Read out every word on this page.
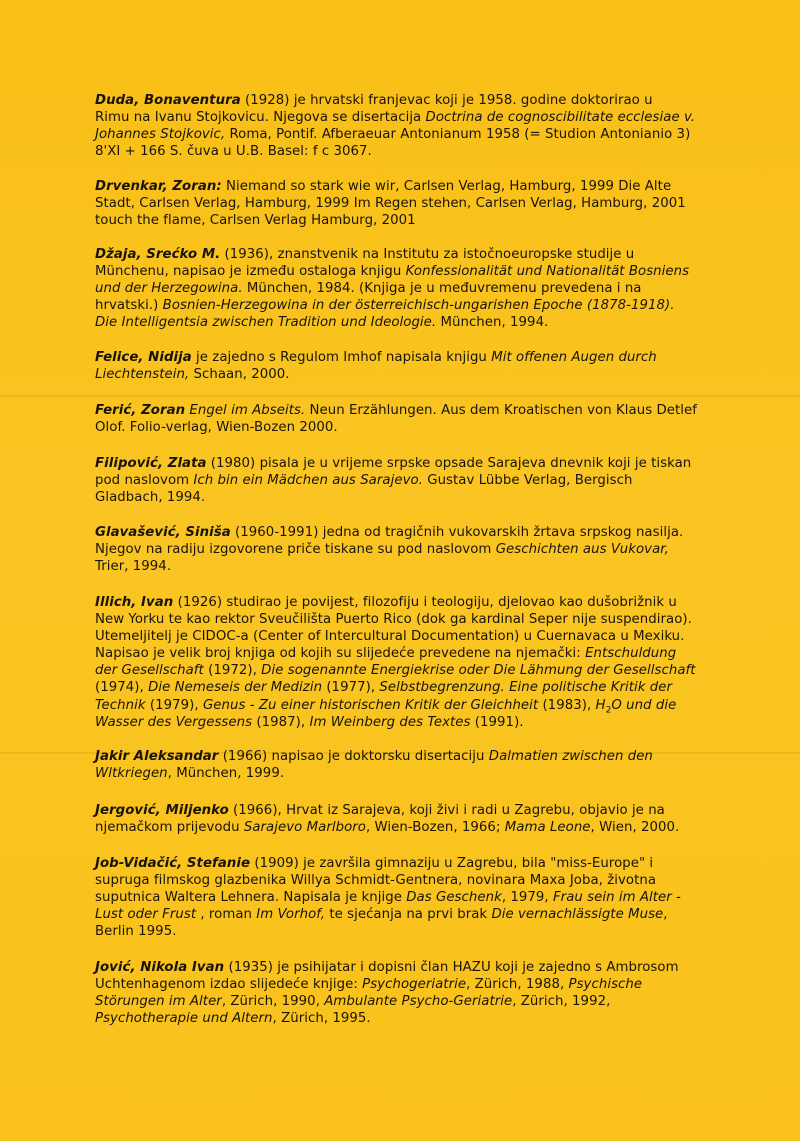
Duda, Bonaventura (1928) je hrvatski franjevac koji je 1958. godine doktorirao u

Rimu na Ivanu Stojkovicu. Njegova se disertacija Doctrina de cognoscibilitate ecclesiae v.

Johannes Stojkovic, Roma, Pontif. Afberaeuar Antonianum 1958 (= Studion Antonianio 3)

8'XI + 166 S. čuva u U.B. Basel: f c 3067.

Drvenkar, Zoran: Niemand so stark wie wir, Carlsen Verlag, Hamburg, 1999 Die Alte

Stadt, Carlsen Verlag, Hamburg, 1999 Im Regen stehen, Carlsen Verlag, Hamburg, 2001

touch the flame, Carlsen Verlag Hamburg, 2001

Džaja, Srećko M. (1936), znanstvenik na Institutu za istočnoeuropske studije u

Münchenu, napisao je između ostaloga knjigu Konfessionalität und Nationalität Bosniens

und der Herzegowina. München, 1984. (Knjiga je u međuvremenu prevedena i na

hrvatski.) Bosnien-Herzegowina in der österreichisch-ungarishen Epoche (1878-1918).

Die Intelligentsia zwischen Tradition und Ideologie. München, 1994.

Felice, Nidija je zajedno s Regulom Imhof napisala knjigu Mit offenen Augen durch

Liechtenstein, Schaan, 2000.

Ferić, Zoran Engel im Abseits. Neun Erzählungen. Aus dem Kroatischen von Klaus Detlef

Olof. Folio-verlag, Wien-Bozen 2000.

Filipović, Zlata (1980) pisala je u vrijeme srpske opsade Sarajeva dnevnik koji je tiskan

pod naslovom Ich bin ein Mädchen aus Sarajevo. Gustav Lübbe Verlag, Bergisch

Gladbach, 1994.

Glavašević, Siniša (1960-1991) jedna od tragičnih vukovarskih žrtava srpskog nasilja.

Njegov na radiju izgovorene priče tiskane su pod naslovom Geschichten aus Vukovar,

Trier, 1994.

Illich, Ivan (1926) studirao je povijest, filozofiju i teologiju, djelovao kao dušobrižnik u

New Yorku te kao rektor Sveučilišta Puerto Rico (dok ga kardinal Seper nije suspendirao).

Utemeljitelj je CIDOC-a (Center of Intercultural Documentation) u Cuernavaca u Mexiku.

Napisao je velik broj knjiga od kojih su slijedeće prevedene na njemački: Entschuldung

der Gesellschaft (1972), Die sogenannte Energiekrise oder Die Lähmung der Gesellschaft

(1974), Die Nemeseis der Medizin (1977), Selbstbegrenzung. Eine politische Kritik der

Technik (1979), Genus - Zu einer historischen Kritik der Gleichheit (1983), $H_2O$ und die

Wasser des Vergessens (1987), Im Weinberg des Textes (1991).

Jakir Aleksandar (1966) napisao je doktorsku disertaciju Dalmatien zwischen den

Wltkriegen, München, 1999.

Jergović, Miljenko (1966), Hrvat iz Sarajeva, koji živi i radi u Zagrebu, objavio je na

njemačkom prijevodu Sarajevo Marlboro, Wien-Bozen, 1966; Mama Leone, Wien, 2000.

Job-Vidačić, Stefanie (1909) je završila gimnaziju u Zagrebu, bila "miss-Europe" i

supruga filmskog glazbenika Willya Schmidt-Gentnera, novinara Maxa Joba, životna

suputnica Waltera Lehnera. Napisala je knjige Das Geschenk, 1979, Frau sein im Alter -

Lust oder Frust , roman Im Vorhof, te sjećanja na prvi brak Die vernachlässigte Muse,

Berlin 1995.

Jović, Nikola Ivan (1935) je psihijatar i dopisni član HAZU koji je zajedno s Ambrosom

Uchtenhagenom izdao slijedeće knjige: Psychogeriatrie, Zürich, 1988, Psychische

Störungen im Alter, Zürich, 1990, Ambulante Psycho-Geriatrie, Zürich, 1992,

Psychotherapie und Altern, Zürich, 1995.
